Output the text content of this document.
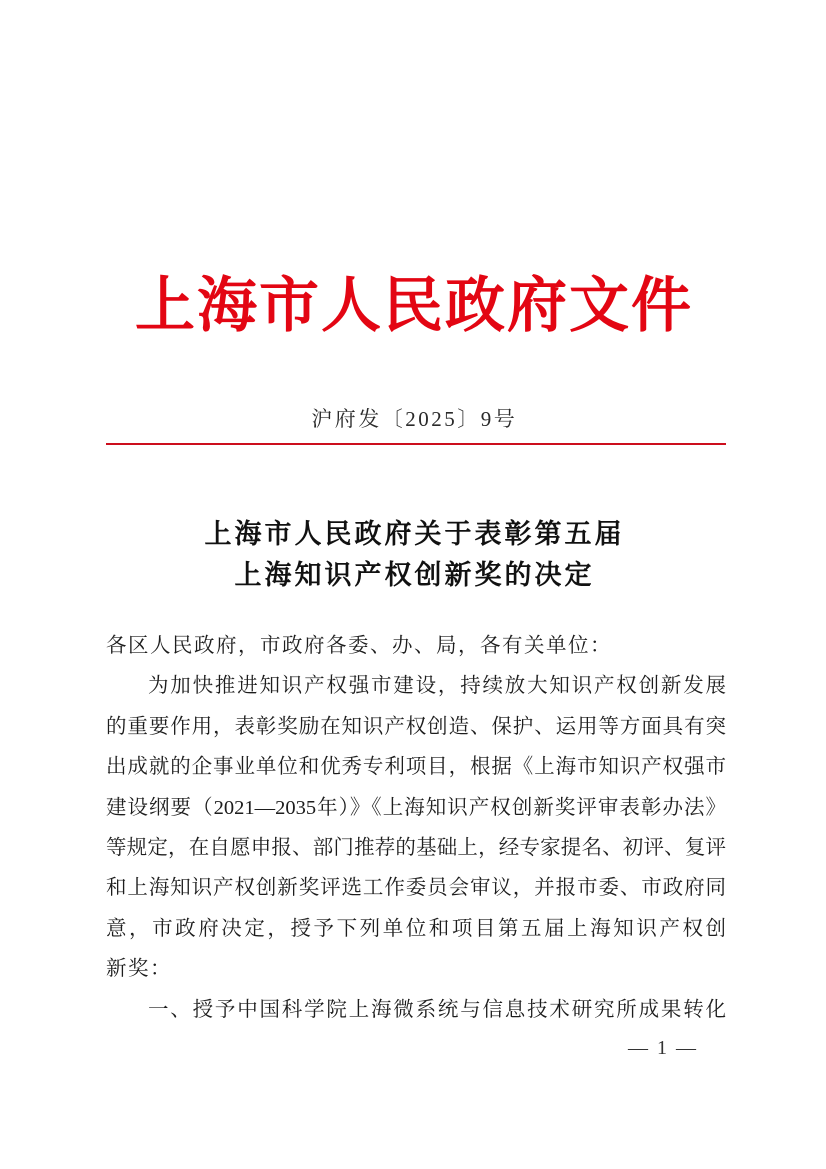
上海市人民政府文件
沪府发〔2025〕9号
上海市人民政府关于表彰第五届
上海知识产权创新奖的决定
各区人民政府，市政府各委、办、局，各有关单位：
为加快推进知识产权强市建设，持续放大知识产权创新发展
的重要作用，表彰奖励在知识产权创造、保护、运用等方面具有突
出成就的企事业单位和优秀专利项目，根据《上海市知识产权强市
建设纲要（2021—2035年）》《上海知识产权创新奖评审表彰办法》
等规定，在自愿申报、部门推荐的基础上，经专家提名、初评、复评
和上海知识产权创新奖评选工作委员会审议，并报市委、市政府同
意，市政府决定，授予下列单位和项目第五届上海知识产权创
新奖：
一、授予中国科学院上海微系统与信息技术研究所成果转化
— 1 —
